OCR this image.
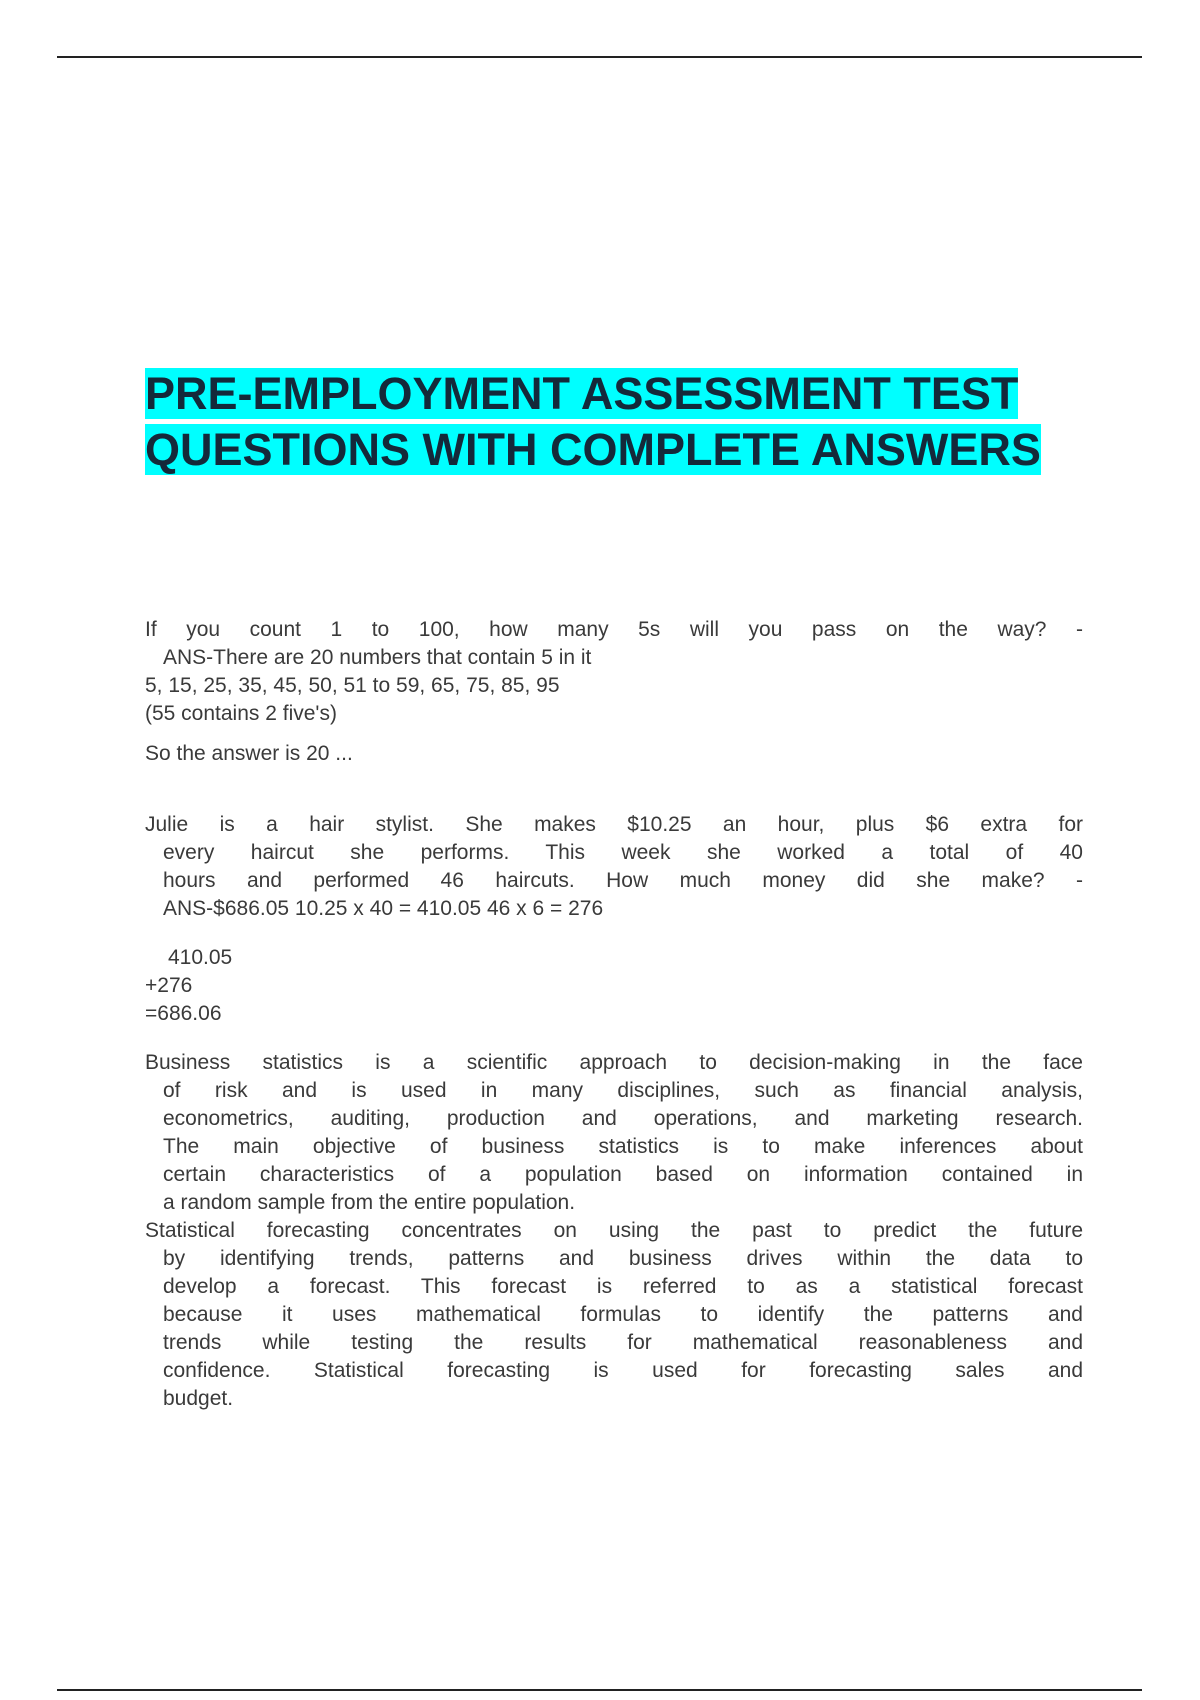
PRE-EMPLOYMENT ASSESSMENT TEST QUESTIONS WITH COMPLETE ANSWERS
If you count 1 to 100, how many 5s will you pass on the way? -
ANS-There are 20 numbers that contain 5 in it
5, 15, 25, 35, 45, 50, 51 to 59, 65, 75, 85, 95
(55 contains 2 five's)
So the answer is 20 ...
Julie is a hair stylist. She makes $10.25 an hour, plus $6 extra for
every haircut she performs. This week she worked a total of 40
hours and performed 46 haircuts. How much money did she make? -
ANS-$686.05 10.25 x 40 = 410.05 46 x 6 = 276
410.05
+276
=686.06
Business statistics is a scientific approach to decision-making in the face
of risk and is used in many disciplines, such as financial analysis,
econometrics, auditing, production and operations, and marketing research.
The main objective of business statistics is to make inferences about
certain characteristics of a population based on information contained in
a random sample from the entire population.
Statistical forecasting concentrates on using the past to predict the future
by identifying trends, patterns and business drives within the data to
develop a forecast. This forecast is referred to as a statistical forecast
because it uses mathematical formulas to identify the patterns and
trends while testing the results for mathematical reasonableness and
confidence. Statistical forecasting is used for forecasting sales and
budget.
